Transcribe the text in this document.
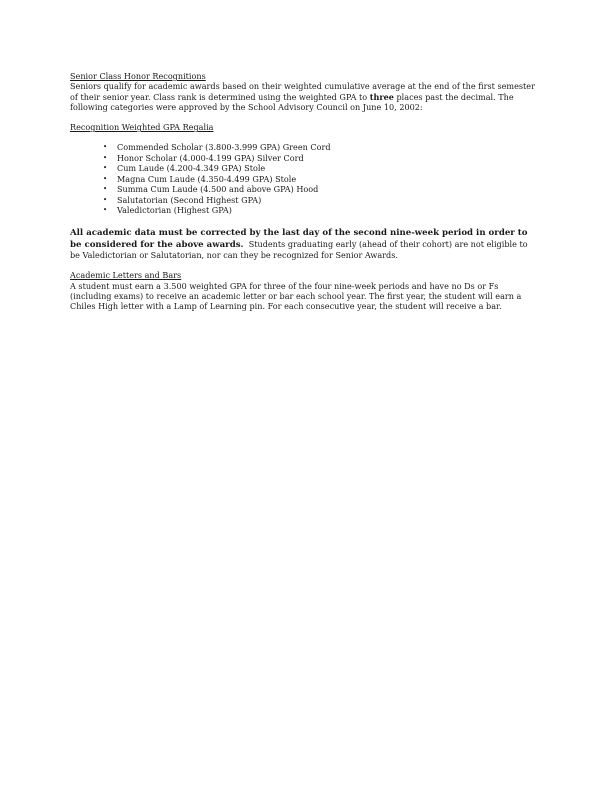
Senior Class Honor Recognitions

Seniors qualify for academic awards based on their weighted cumulative average at the end of the first semester of their senior year. Class rank is determined using the weighted GPA to three places past the decimal. The following categories were approved by the School Advisory Council on June 10, 2002:

Recognition Weighted GPA Regalia
• Commended Scholar (3.800-3.999 GPA) Green Cord
• Honor Scholar (4.000-4.199 GPA) Silver Cord
• Cum Laude (4.200-4.349 GPA) Stole
• Magna Cum Laude (4.350-4.499 GPA) Stole
• Summa Cum Laude (4.500 and above GPA) Hood
• Salutatorian (Second Highest GPA)
• Valedictorian (Highest GPA)

All academic data must be corrected by the last day of the second nine-week period in order to be considered for the above awards.  Students graduating early (ahead of their cohort) are not eligible to be Valedictorian or Salutatorian, nor can they be recognized for Senior Awards.

Academic Letters and Bars

A student must earn a 3.500 weighted GPA for three of the four nine-week periods and have no Ds or Fs (including exams) to receive an academic letter or bar each school year. The first year, the student will earn a Chiles High letter with a Lamp of Learning pin. For each consecutive year, the student will receive a bar.
